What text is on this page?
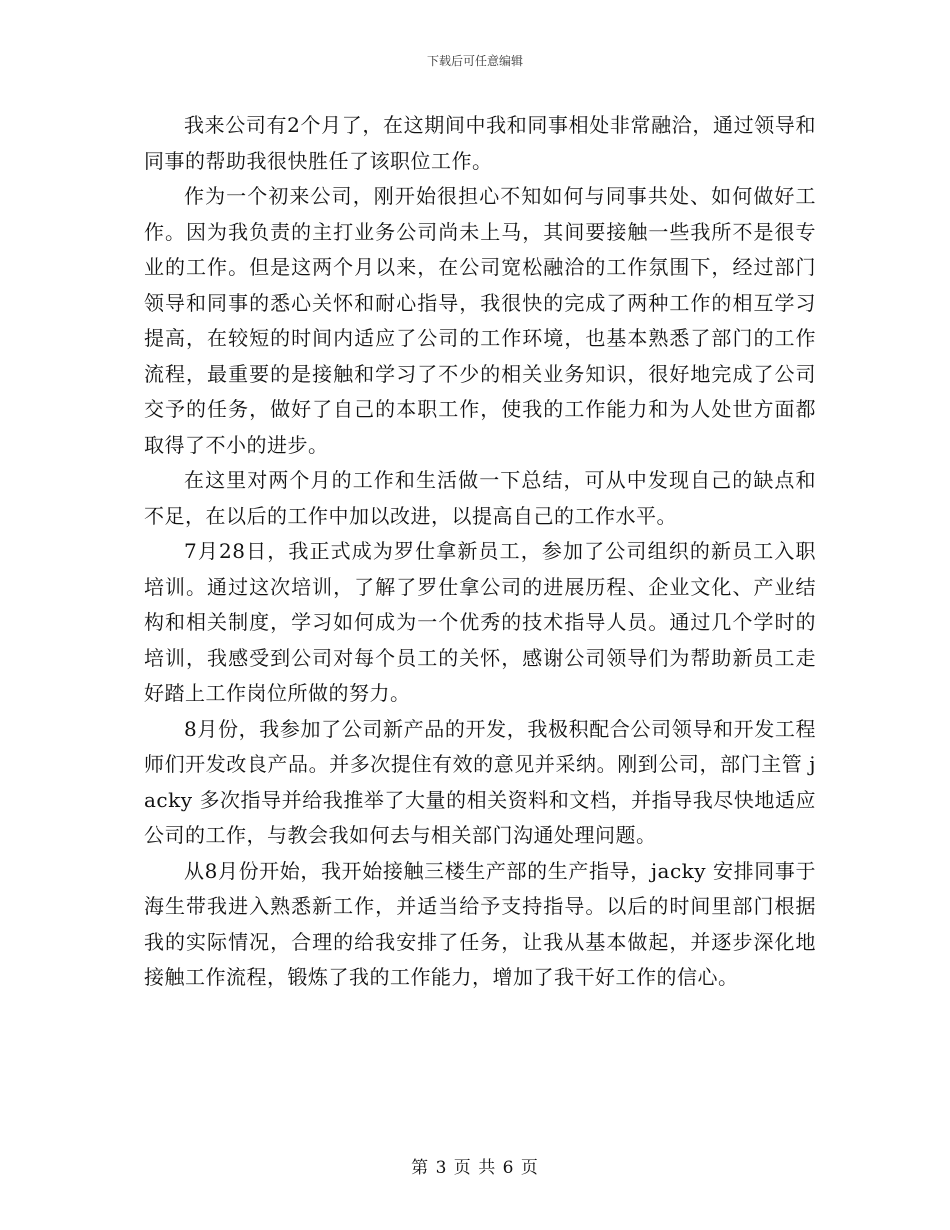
下载后可任意编辑

我来公司有2个月了，在这期间中我和同事相处非常融洽，通过领导和同事的帮助我很快胜任了该职位工作。

作为一个初来公司，刚开始很担心不知如何与同事共处、如何做好工作。因为我负责的主打业务公司尚未上马，其间要接触一些我所不是很专业的工作。但是这两个月以来，在公司宽松融洽的工作氛围下，经过部门领导和同事的悉心关怀和耐心指导，我很快的完成了两种工作的相互学习提高，在较短的时间内适应了公司的工作环境，也基本熟悉了部门的工作流程，最重要的是接触和学习了不少的相关业务知识，很好地完成了公司交予的任务，做好了自己的本职工作，使我的工作能力和为人处世方面都取得了不小的进步。

在这里对两个月的工作和生活做一下总结，可从中发现自己的缺点和不足，在以后的工作中加以改进，以提高自己的工作水平。

7月28日，我正式成为罗仕拿新员工，参加了公司组织的新员工入职培训。通过这次培训，了解了罗仕拿公司的进展历程、企业文化、产业结构和相关制度，学习如何成为一个优秀的技术指导人员。通过几个学时的培训，我感受到公司对每个员工的关怀，感谢公司领导们为帮助新员工走好踏上工作岗位所做的努力。

8月份，我参加了公司新产品的开发，我极积配合公司领导和开发工程师们开发改良产品。并多次提住有效的意见并采纳。刚到公司，部门主管 jacky 多次指导并给我推举了大量的相关资料和文档，并指导我尽快地适应公司的工作，与教会我如何去与相关部门沟通处理问题。

从8月份开始，我开始接触三楼生产部的生产指导，jacky 安排同事于海生带我进入熟悉新工作，并适当给予支持指导。以后的时间里部门根据我的实际情况，合理的给我安排了任务，让我从基本做起，并逐步深化地接触工作流程，锻炼了我的工作能力，增加了我干好工作的信心。

第 3 页 共 6 页
